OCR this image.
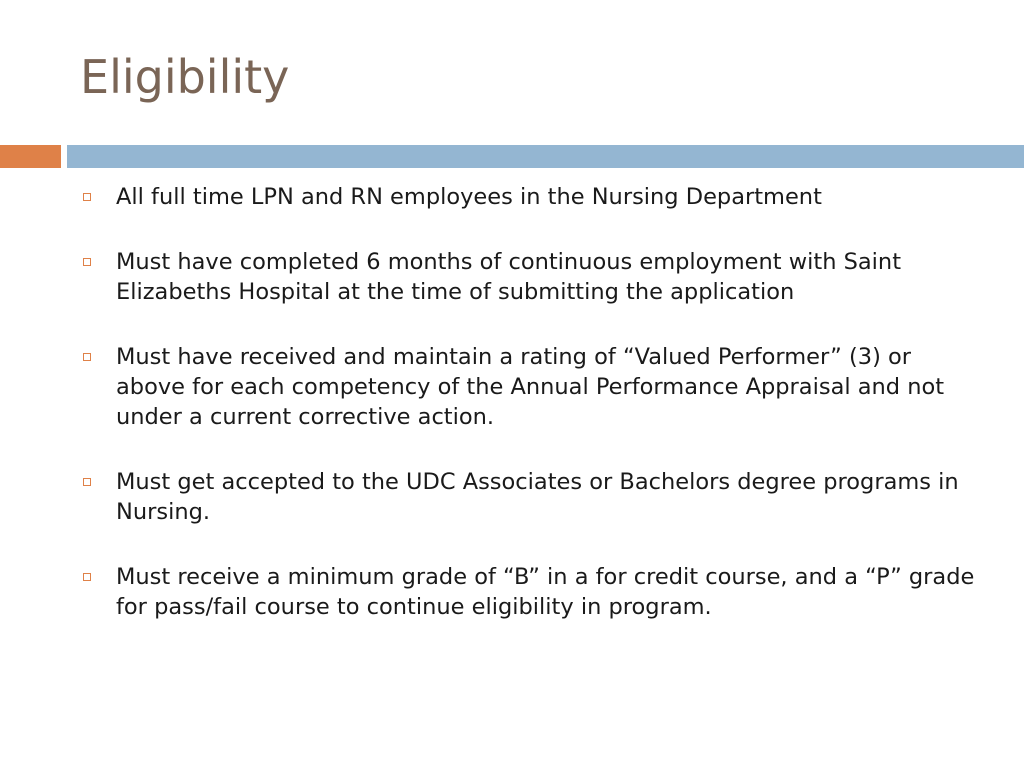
Eligibility
All full time LPN and RN employees in the Nursing Department
Must have completed 6 months of continuous employment with Saint Elizabeths Hospital at the time of submitting the application
Must have received and maintain a rating of “Valued Performer” (3) or above for each competency of the Annual Performance Appraisal and not under a current corrective action.
Must get accepted to the UDC Associates or Bachelors degree programs in Nursing.
Must receive a minimum grade of “B” in a for credit course, and a “P” grade for pass/fail course to continue eligibility in program.
